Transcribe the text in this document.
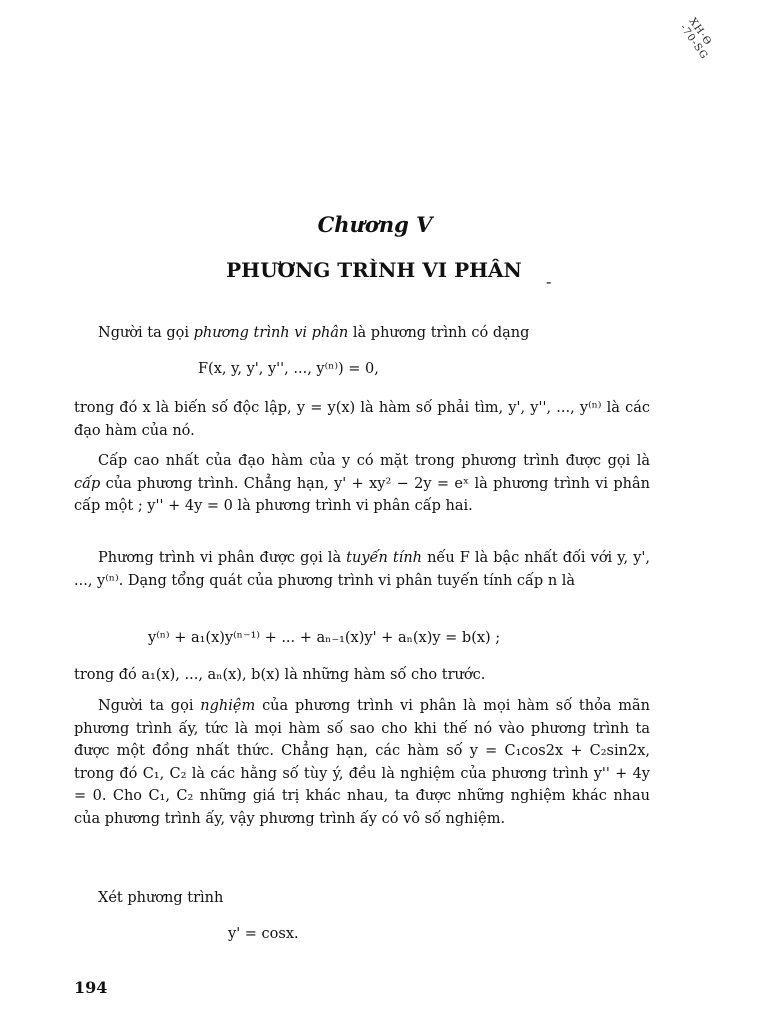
ХН·Ө
-70-SG
Chương V
PHƯƠNG TRÌNH VI PHÂN	-
Người ta gọi phương trình vi phân là phương trình có dạng
F(x, y, y', y'', ..., y⁽ⁿ⁾) = 0,
trong đó x là biến số độc lập, y = y(x) là hàm số phải tìm, y', y'', ..., y⁽ⁿ⁾ là các đạo hàm của nó.
Cấp cao nhất của đạo hàm của y có mặt trong phương trình được gọi là cấp của phương trình. Chẳng hạn, y' + xy² − 2y = eˣ là phương trình vi phân cấp một ; y'' + 4y = 0 là phương trình vi phân cấp hai.
Phương trình vi phân được gọi là tuyến tính nếu F là bậc nhất đối với y, y', ..., y⁽ⁿ⁾. Dạng tổng quát của phương trình vi phân tuyến tính cấp n là
y⁽ⁿ⁾ + a₁(x)y⁽ⁿ⁻¹⁾ + ... + aₙ₋₁(x)y' + aₙ(x)y = b(x) ;
trong đó a₁(x), ..., aₙ(x), b(x) là những hàm số cho trước.
Người ta gọi nghiệm của phương trình vi phân là mọi hàm số thỏa mãn phương trình ấy, tức là mọi hàm số sao cho khi thế nó vào phương trình ta được một đồng nhất thức. Chẳng hạn, các hàm số y = C₁cos2x + C₂sin2x, trong đó C₁, C₂ là các hằng số tùy ý, đều là nghiệm của phương trình y'' + 4y = 0. Cho C₁, C₂ những giá trị khác nhau, ta được những nghiệm khác nhau của phương trình ấy, vậy phương trình ấy có vô số nghiệm.
Xét phương trình
y' = cosx.
194
